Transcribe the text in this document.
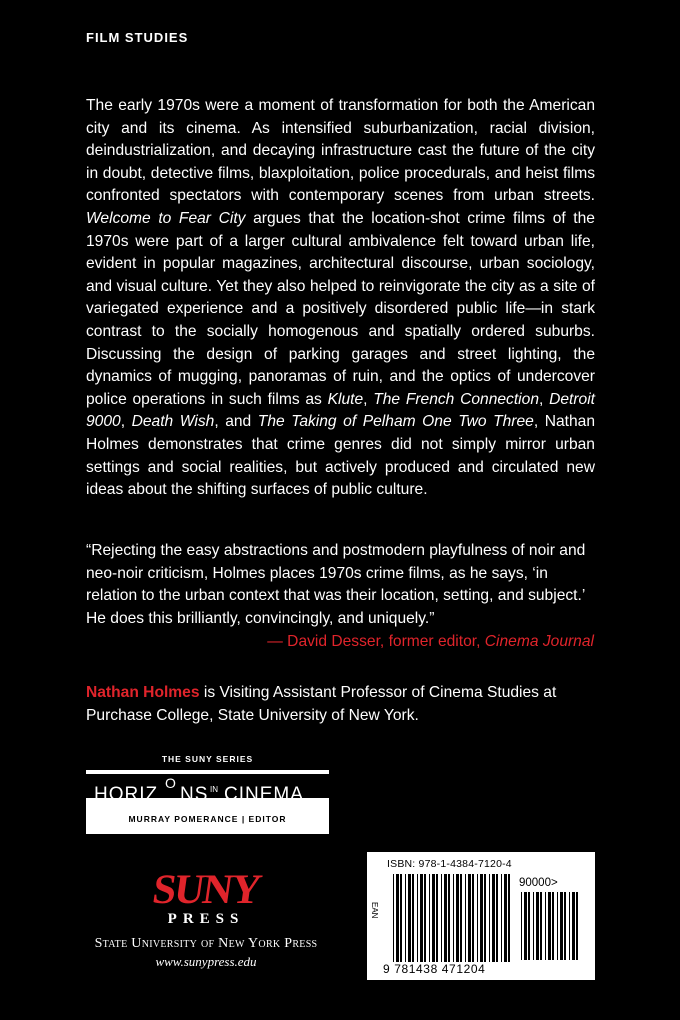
FILM STUDIES

The early 1970s were a moment of transformation for both the American city and its cinema. As intensified suburbanization, racial division, deindustrialization, and decaying infrastructure cast the future of the city in doubt, detective films, blaxploitation, police procedurals, and heist films confronted spectators with contemporary scenes from urban streets. Welcome to Fear City argues that the location-shot crime films of the 1970s were part of a larger cultural ambivalence felt toward urban life, evident in popular magazines, architectural discourse, urban sociology, and visual culture. Yet they also helped to reinvigorate the city as a site of variegated experience and a positively disordered public life—in stark contrast to the socially homogenous and spatially ordered suburbs. Discussing the design of parking garages and street lighting, the dynamics of mugging, panoramas of ruin, and the optics of undercover police operations in such films as Klute, The French Connection, Detroit 9000, Death Wish, and The Taking of Pelham One Two Three, Nathan Holmes demonstrates that crime genres did not simply mirror urban settings and social realities, but actively produced and circulated new ideas about the shifting surfaces of public culture.

“Rejecting the easy abstractions and postmodern playfulness of noir and neo-noir criticism, Holmes places 1970s crime films, as he says, ‘in relation to the urban context that was their location, setting, and subject.’ He does this brilliantly, convincingly, and uniquely.”

— David Desser, former editor, Cinema Journal

Nathan Holmes is Visiting Assistant Professor of Cinema Studies at Purchase College, State University of New York.

THE SUNY SERIES
HORIZ
O
NS IN CINEMA
MURRAY POMERANCE | EDITOR
SUNY
PRESS
State University of New York Press
www.sunypress.edu
ISBN: 978-1-4384-7120-4
90000>
EAN
9 781438 471204
